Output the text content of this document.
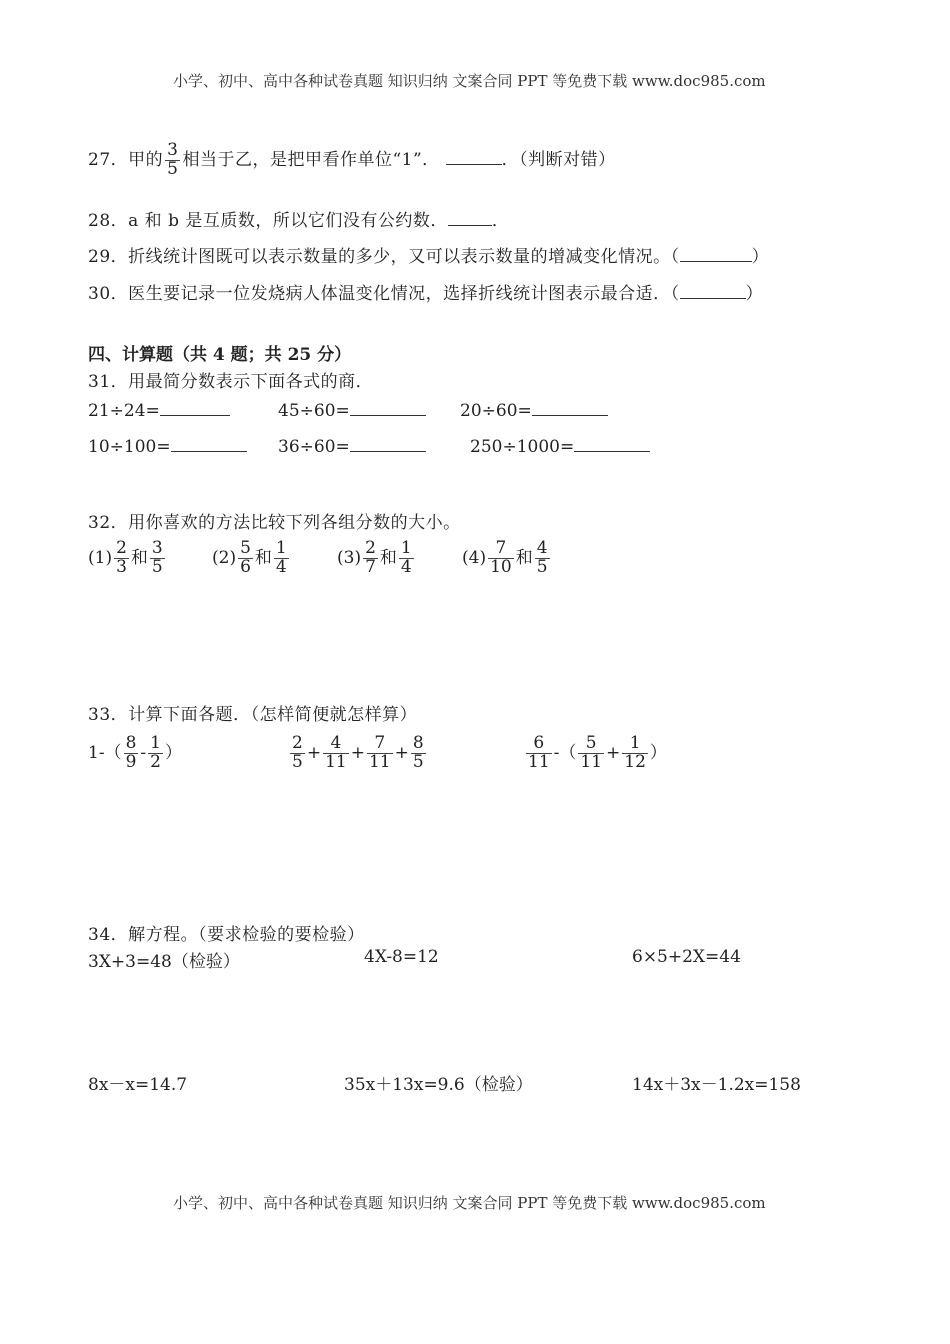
小学、初中、高中各种试卷真题 知识归纳 文案合同 PPT 等免费下载 www.doc985.com
27．甲的 $\frac{3}{5}$ 相当于乙，是把甲看作单位“1”．	．（判断对错）
28．a 和 b 是互质数，所以它们没有公约数．	．
29．折线统计图既可以表示数量的多少，又可以表示数量的增减变化情况。（	）
30．医生要记录一位发烧病人体温变化情况，选择折线统计图表示最合适．（	）
四、计算题（共 4 题；共 25 分）
31．用最简分数表示下面各式的商．
21÷24=	45÷60=	20÷60=
10÷100=	36÷60=	250÷1000=
32．用你喜欢的方法比较下列各组分数的大小。
$(1) \frac{2}{3}$ 和 $\frac{3}{5}$	$(2) \frac{5}{6}$ 和 $\frac{1}{4}$	$(3) \frac{2}{7}$ 和 $\frac{1}{4}$	$(4) \frac{7}{10}$ 和 $\frac{4}{5}$
33．计算下面各题．（怎样简便就怎样算）
$1-( \frac{8}{9} - \frac{1}{2}$ ）	$\frac{2}{5} + \frac{4}{11} + \frac{7}{11} + \frac{8}{5}$	$\frac{6}{11}$ -（ $\frac{5}{11} + \frac{1}{12}$ ）
34．解方程。（要求检验的要检验）
3X+3=48（检验）	4X-8=12	6×5+2X=44
8x－x=14.7	35x＋13x=9.6（检验）	14x＋3x－1.2x=158
小学、初中、高中各种试卷真题 知识归纳 文案合同 PPT 等免费下载 www.doc985.com
